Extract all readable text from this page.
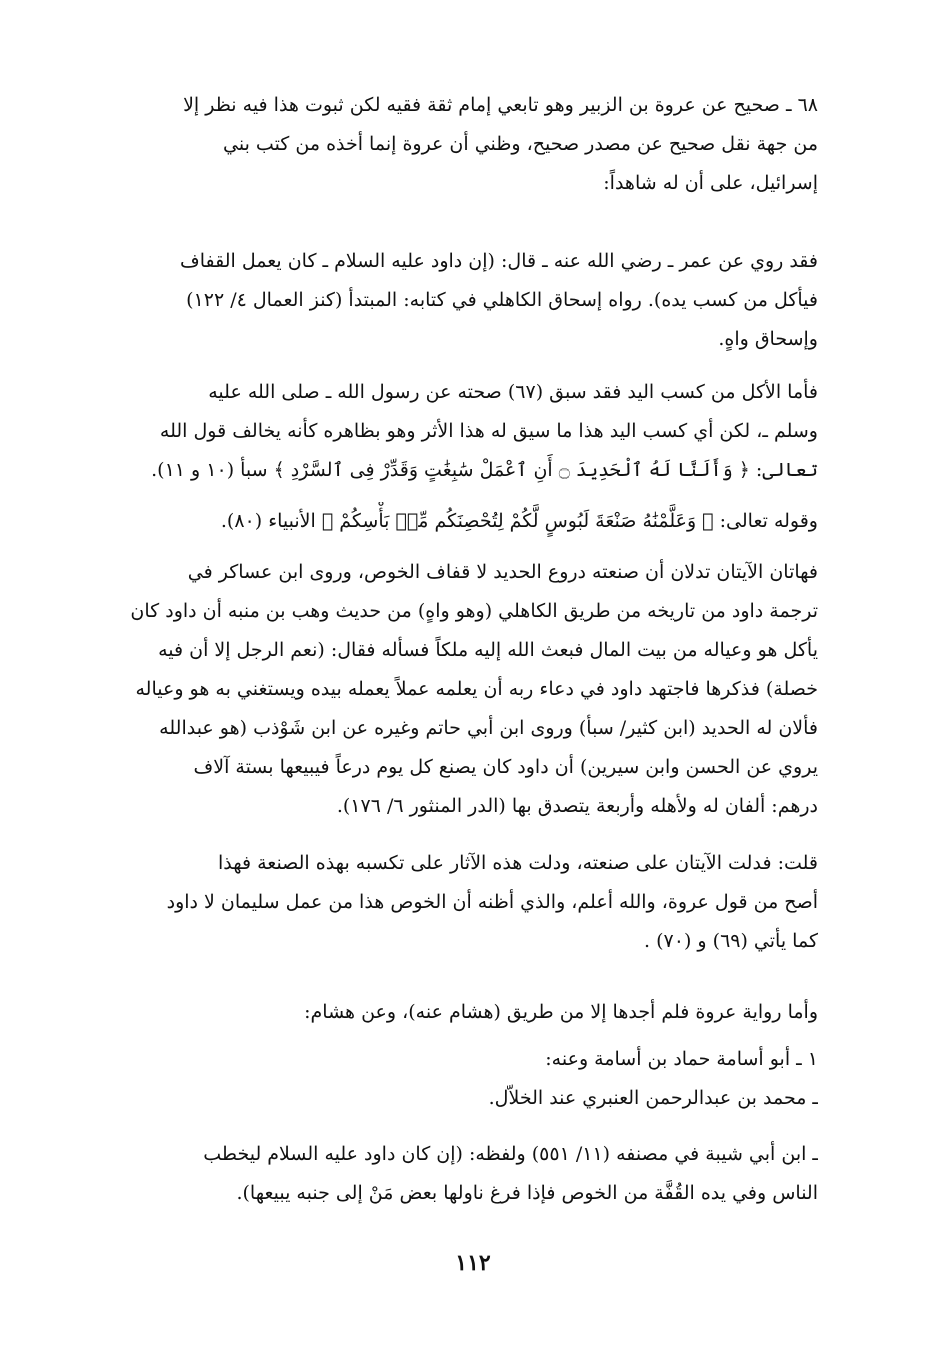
٦٨ ـ صحيح عن عروة بن الزبير وهو تابعي إمام ثقة فقيه لكن ثبوت هذا فيه نظر إلا
من جهة نقل صحيح عن مصدر صحيح، وظني أن عروة إنما أخذه من كتب بني
إسرائيل، على أن له شاهداً:
فقد روي عن عمر ـ رضي الله عنه ـ قال: (إن داود عليه السلام ـ كان يعمل القفاف
فيأكل من كسب يده). رواه إسحاق الكاهلي في كتابه: المبتدأ (كنز العمال ٤/ ١٢٢)
وإسحاق واهٍ.
فأما الأكل من كسب اليد فقد سبق (٦٧) صحته عن رسول الله ـ صلى الله عليه
وسلم ـ، لكن أي كسب اليد هذا ما سيق له هذا الأثر وهو بظاهره كأنه يخالف قول الله
تعالى: ﴿ وَأَلَنَّا لَهُ ٱلْحَدِيدَ ۝ أَنِ ٱعْمَلْ سَٰبِغَٰتٍ وَقَدِّرْ فِى ٱلسَّرْدِ ﴾ سبأ (١٠ و ١١).
وقوله تعالى: ﴿ وَعَلَّمْنَٰهُ صَنْعَةَ لَبُوسٍ لَّكُمْ لِتُحْصِنَكُم مِّنۢ بَأْسِكُمْ ﴾ الأنبياء (٨٠).
فهاتان الآيتان تدلان أن صنعته دروع الحديد لا قفاف الخوص، وروى ابن عساكر في
ترجمة داود من تاريخه من طريق الكاهلي (وهو واهٍ) من حديث وهب بن منبه أن داود كان
يأكل هو وعياله من بيت المال فبعث الله إليه ملكاً فسأله فقال: (نعم الرجل إلا أن فيه
خصلة) فذكرها فاجتهد داود في دعاء ربه أن يعلمه عملاً يعمله بيده ويستغني به هو وعياله
فألان له الحديد (ابن كثير/ سبأ) وروى ابن أبي حاتم وغيره عن ابن شَوْذب (هو عبدالله
يروي عن الحسن وابن سيرين) أن داود كان يصنع كل يوم درعاً فيبيعها بستة آلاف
درهم: ألفان له ولأهله وأربعة يتصدق بها (الدر المنثور ٦/ ١٧٦).
قلت: فدلت الآيتان على صنعته، ودلت هذه الآثار على تكسبه بهذه الصنعة فهذا
أصح من قول عروة، والله أعلم، والذي أظنه أن الخوص هذا من عمل سليمان لا داود
كما يأتي (٦٩) و (٧٠) .
وأما رواية عروة فلم أجدها إلا من طريق (هشام عنه)، وعن هشام:
١ ـ أبو أسامة حماد بن أسامة وعنه:
ـ محمد بن عبدالرحمن العنبري عند الخلاّل.
ـ ابن أبي شيبة في مصنفه (١١/ ٥٥١) ولفظه: (إن كان داود عليه السلام ليخطب
الناس وفي يده القُفَّة من الخوص فإذا فرغ ناولها بعض مَنْ إلى جنبه يبيعها).
١١٢
